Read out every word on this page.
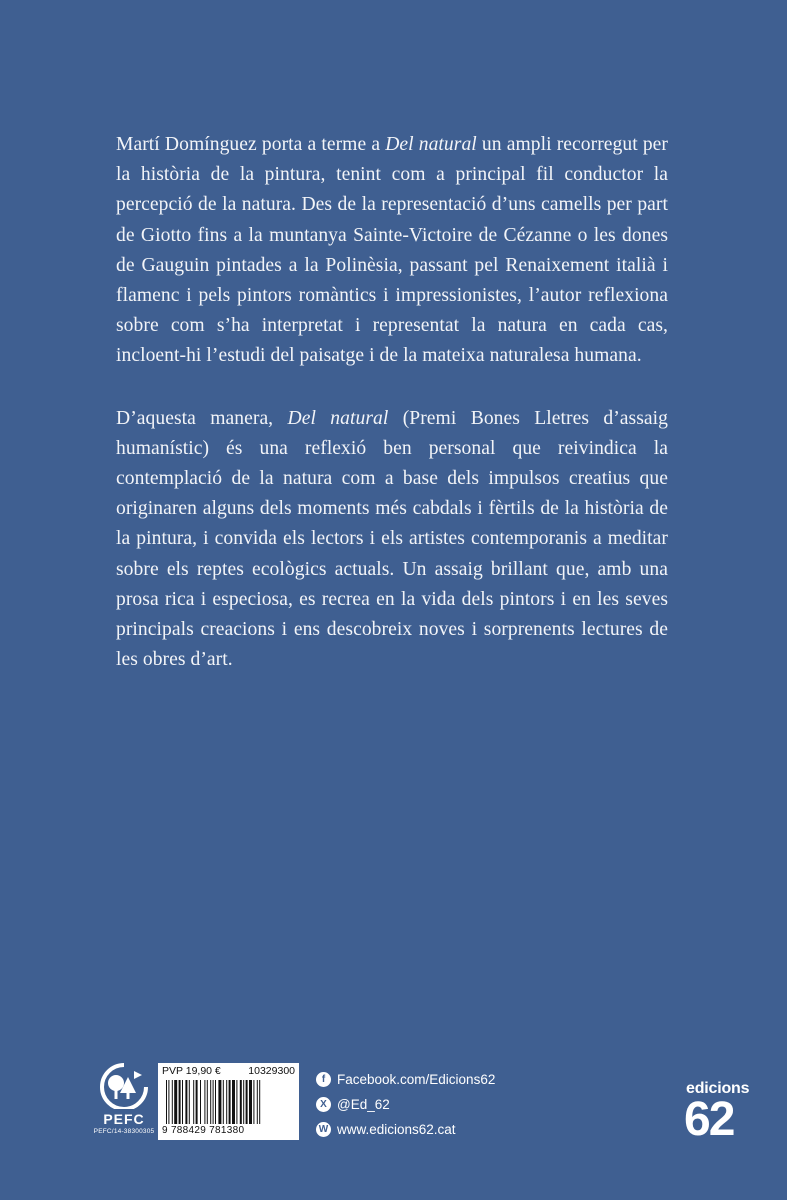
Martí Domínguez porta a terme a Del natural un ampli recorregut per la història de la pintura, tenint com a principal fil conductor la percepció de la natura. Des de la representació d’uns camells per part de Giotto fins a la muntanya Sainte-Victoire de Cézanne o les dones de Gauguin pintades a la Polinèsia, passant pel Renaixement italià i flamenc i pels pintors romàntics i impressionistes, l’autor reflexiona sobre com s’ha interpretat i representat la natura en cada cas, incloent-hi l’estudi del paisatge i de la mateixa naturalesa humana.

D’aquesta manera, Del natural (Premi Bones Lletres d’assaig humanístic) és una reflexió ben personal que reivindica la contemplació de la natura com a base dels impulsos creatius que originaren alguns dels moments més cabdals i fèrtils de la història de la pintura, i convida els lectors i els artistes contemporanis a meditar sobre els reptes ecològics actuals. Un assaig brillant que, amb una prosa rica i especiosa, es recrea en la vida dels pintors i en les seves principals creacions i ens descobreix noves i sorprenents lectures de les obres d’art.

PEFC
PEFC/14-38300305
PVP 19,90 €	10329300
9 788429 781380
f Facebook.com/Edicions62
X @Ed_62
W www.edicions62.cat
edicions
62
